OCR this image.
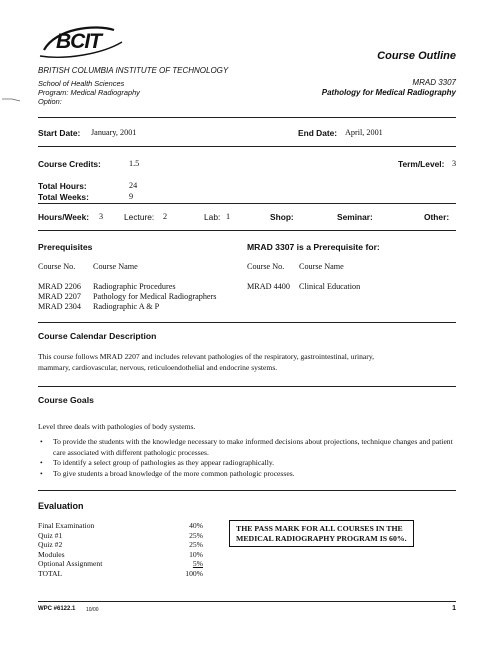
BCIT
BRITISH COLUMBIA INSTITUTE OF TECHNOLOGY
School of Health Sciences
Program: Medical Radiography
Option:
Course Outline
MRAD 3307
Pathology for Medical Radiography
Start Date: January, 2001	End Date: April, 2001
Course Credits:	1.5	Term/Level: 3
Total Hours:	24
Total Weeks:	9
Hours/Week: 3 Lecture: 2	Lab: 1	Shop:	Seminar:	Other:
Prerequisites
Course No.	Course Name

MRAD 2206	Radiographic Procedures
MRAD 2207	Pathology for Medical Radiographers
MRAD 2304	Radiographic A & P
MRAD 3307 is a Prerequisite for:
Course No.	Course Name

MRAD 4400	Clinical Education
Course Calendar Description
This course follows MRAD 2207 and includes relevant pathologies of the respiratory, gastrointestinal, urinary,
mammary, cardiovascular, nervous, reticuloendothelial and endocrine systems.
Course Goals
Level three deals with pathologies of body systems.
• To provide the students with the knowledge necessary to make informed decisions about projections, technique changes and patient care associated with different pathologic processes.
• To identify a select group of pathologies as they appear radiographically.
• To give students a broad knowledge of the more common pathologic processes.
Evaluation
Final Examination	40%
Quiz #1	25%
Quiz #2	25%
Modules	10%
Optional Assignment	5%
TOTAL	100%
THE PASS MARK FOR ALL COURSES IN THE
MEDICAL RADIOGRAPHY PROGRAM IS 60%.
WPC #6122.1 10/00	1
